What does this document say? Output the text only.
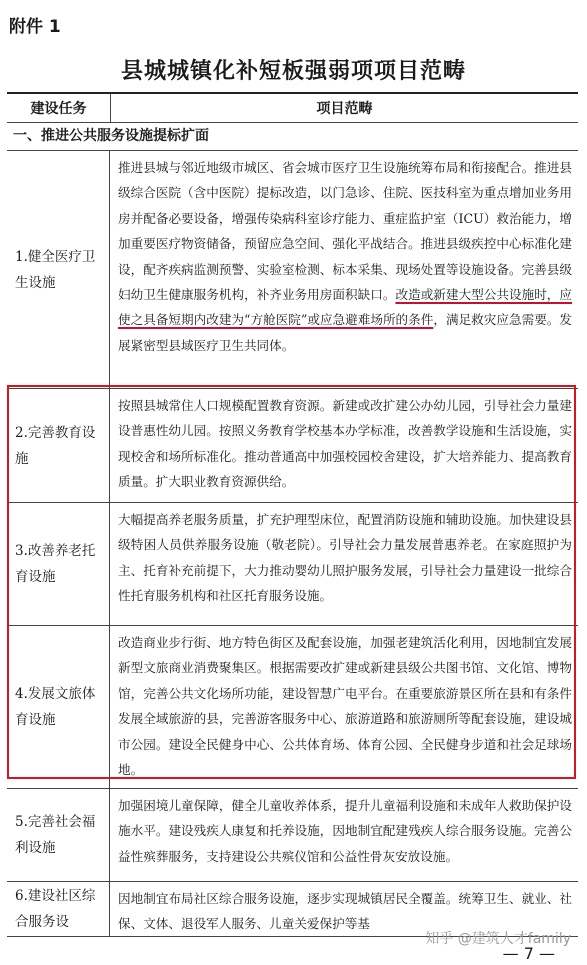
附件 1
县城城镇化补短板强弱项项目范畴
建设任务	项目范畴
一、推进公共服务设施提标扩面
1.健全医疗卫生设施
推进县城与邻近地级市城区、省会城市医疗卫生设施统筹布局和衔接配合。推进县级综合医院（含中医院）提标改造，以门急诊、住院、医技科室为重点增加业务用房并配备必要设备，增强传染病科室诊疗能力、重症监护室（ICU）救治能力，增加重要医疗物资储备，预留应急空间、强化平战结合。推进县级疾控中心标准化建设，配齐疾病监测预警、实验室检测、标本采集、现场处置等设施设备。完善县级妇幼卫生健康服务机构，补齐业务用房面积缺口。改造或新建大型公共设施时，应使之具备短期内改建为“方舱医院”或应急避难场所的条件，满足救灾应急需要。发展紧密型县域医疗卫生共同体。
2.完善教育设施
按照县城常住人口规模配置教育资源。新建或改扩建公办幼儿园，引导社会力量建设普惠性幼儿园。按照义务教育学校基本办学标准，改善教学设施和生活设施，实现校舍和场所标准化。推动普通高中加强校园校舍建设，扩大培养能力、提高教育质量。扩大职业教育资源供给。
3.改善养老托育设施
大幅提高养老服务质量，扩充护理型床位，配置消防设施和辅助设施。加快建设县级特困人员供养服务设施（敬老院）。引导社会力量发展普惠养老。在家庭照护为主、托育补充前提下，大力推动婴幼儿照护服务发展，引导社会力量建设一批综合性托育服务机构和社区托育服务设施。
4.发展文旅体育设施
改造商业步行街、地方特色街区及配套设施，加强老建筑活化利用，因地制宜发展新型文旅商业消费聚集区。根据需要改扩建或新建县级公共图书馆、文化馆、博物馆，完善公共文化场所功能，建设智慧广电平台。在重要旅游景区所在县和有条件发展全域旅游的县，完善游客服务中心、旅游道路和旅游厕所等配套设施，建设城市公园。建设全民健身中心、公共体育场、体育公园、全民健身步道和社会足球场地。
5.完善社会福利设施
加强困境儿童保障，健全儿童收养体系，提升儿童福利设施和未成年人救助保护设施水平。建设残疾人康复和托养设施，因地制宜配建残疾人综合服务设施。完善公益性殡葬服务，支持建设公共殡仪馆和公益性骨灰安放设施。
6.建设社区综合服务设
因地制宜布局社区综合服务设施，逐步实现城镇居民全覆盖。统筹卫生、就业、社保、文体、退役军人服务、儿童关爱保护等基
知乎 @建筑人才family
— 7 —
